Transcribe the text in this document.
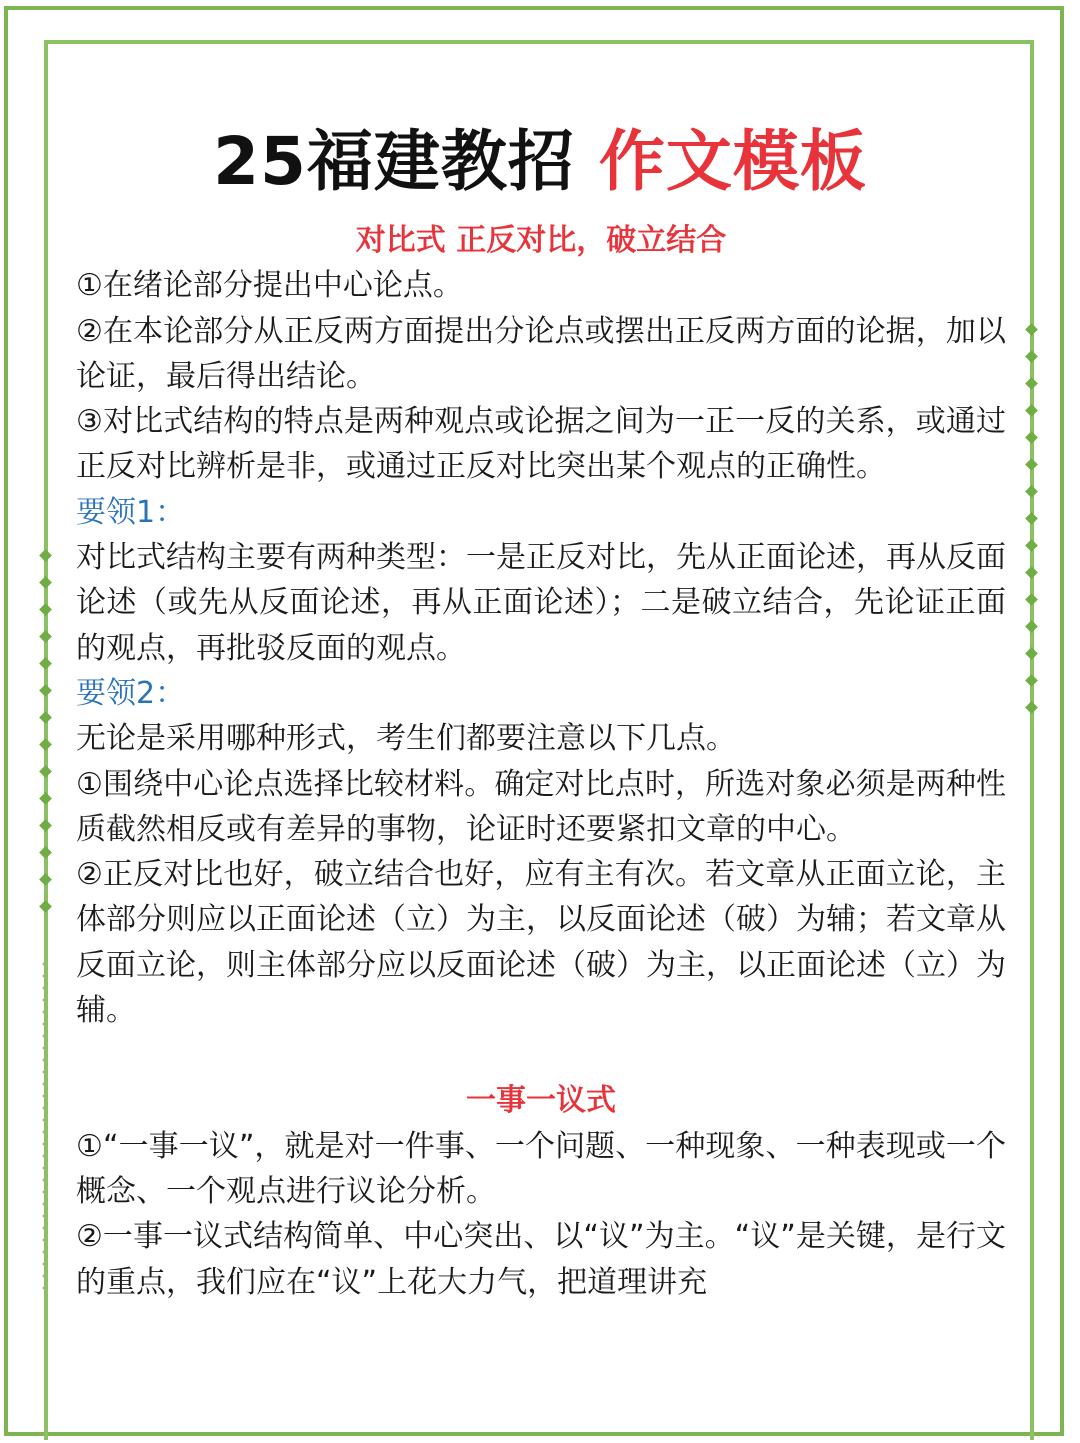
25福建教招 作文模板

对比式 正反对比，破立结合

①在绪论部分提出中心论点。

②在本论部分从正反两方面提出分论点或摆出正反两方面的论据，加以论证，最后得出结论。

③对比式结构的特点是两种观点或论据之间为一正一反的关系，或通过正反对比辨析是非，或通过正反对比突出某个观点的正确性。

要领1：

对比式结构主要有两种类型：一是正反对比，先从正面论述，再从反面论述（或先从反面论述，再从正面论述）；二是破立结合，先论证正面的观点，再批驳反面的观点。

要领2：

无论是采用哪种形式，考生们都要注意以下几点。

①围绕中心论点选择比较材料。确定对比点时，所选对象必须是两种性质截然相反或有差异的事物，论证时还要紧扣文章的中心。

②正反对比也好，破立结合也好，应有主有次。若文章从正面立论，主体部分则应以正面论述（立）为主，以反面论述（破）为辅；若文章从反面立论，则主体部分应以反面论述（破）为主，以正面论述（立）为辅。

一事一议式

①“一事一议”，就是对一件事、一个问题、一种现象、一种表现或一个概念、一个观点进行议论分析。

②一事一议式结构简单、中心突出、以“议”为主。“议”是关键，是行文的重点，我们应在“议”上花大力气，把道理讲充
